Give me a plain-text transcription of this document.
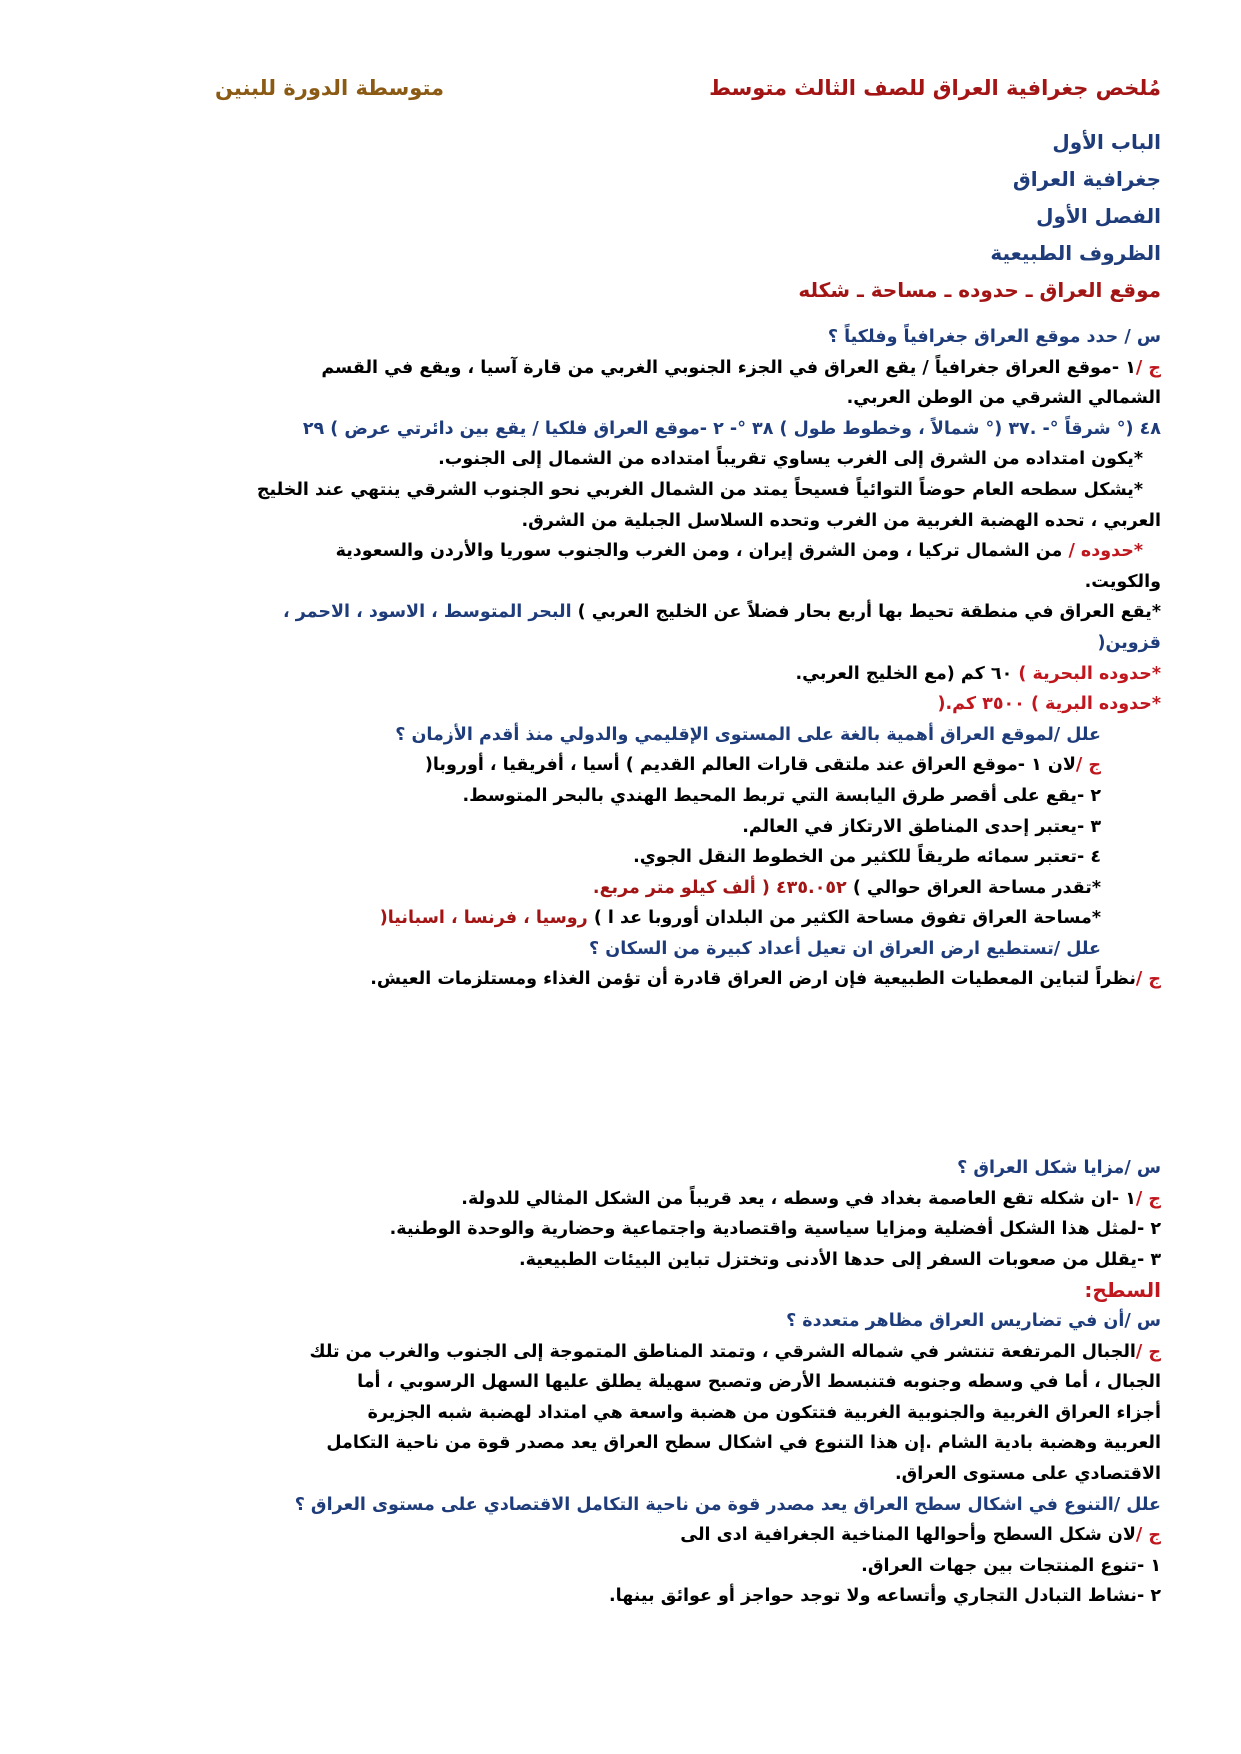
متوسطة الدورة للبنين	مُلخص جغرافية العراق للصف الثالث متوسط
الباب الأول
جغرافية العراق
الفصل الأول
الظروف الطبيعية
موقع العراق ـ حدوده ـ مساحة ـ شكله
س / حدد موقع العراق جغرافياً وفلكياً ؟
ج /١ -موقع العراق جغرافياً / يقع العراق في الجزء الجنوبي الغربي من قارة آسيا ، ويقع في القسم
الشمالي الشرقي من الوطن العربي.
٤٨ (° شرقاً °- .٣٧ (° شمالاً ، وخطوط طول ) ٣٨ °- ٢ -موقع العراق فلكيا / يقع بين دائرتي عرض ) ٢٩
*يكون امتداده من الشرق إلى الغرب يساوي تقريباً امتداده من الشمال إلى الجنوب.
*يشكل سطحه العام حوضاً التوائياً فسيحاً يمتد من الشمال الغربي نحو الجنوب الشرقي ينتهي عند الخليج
العربي ، تحده الهضبة الغربية من الغرب وتحده السلاسل الجبلية من الشرق.
*حدوده / من الشمال تركيا ، ومن الشرق إيران ، ومن الغرب والجنوب سوريا والأردن والسعودية
والكويت.
*يقع العراق في منطقة تحيط بها أربع بحار فضلاً عن الخليج العربي ) البحر المتوسط ، الاسود ، الاحمر ،
قزوين(
*حدوده البحرية ) ٦٠ كم (مع الخليج العربي.
*حدوده البرية ) ٣٥٠٠ كم.(
علل /لموقع العراق أهمية بالغة على المستوى الإقليمي والدولي منذ أقدم الأزمان ؟
ج /لان ١ -موقع العراق عند ملتقى قارات العالم القديم ) أسيا ، أفريقيا ، أوروبا(
٢ -يقع على أقصر طرق اليابسة التي تربط المحيط الهندي بالبحر المتوسط.
٣ -يعتبر إحدى المناطق الارتكاز في العالم.
٤ -تعتبر سمائه طريقاً للكثير من الخطوط النقل الجوي.
*تقدر مساحة العراق حوالي ) ٤٣٥.٠٥٢ ( ألف كيلو متر مربع.
*مساحة العراق تفوق مساحة الكثير من البلدان أوروبا عد ا ) روسيا ، فرنسا ، اسبانيا(
علل /تستطيع ارض العراق ان تعيل أعداد كبيرة من السكان ؟
ج /نظراً لتباين المعطيات الطبيعية فإن ارض العراق قادرة أن تؤمن الغذاء ومستلزمات العيش.
س /مزايا شكل العراق ؟
ج /١ -ان شكله تقع العاصمة بغداد في وسطه ، يعد قريباً من الشكل المثالي للدولة.
٢ -لمثل هذا الشكل أفضلية ومزايا سياسية واقتصادية واجتماعية وحضارية والوحدة الوطنية.
٣ -يقلل من صعوبات السفر إلى حدها الأدنى وتختزل تباين البيئات الطبيعية.
السطح:
س /أن في تضاريس العراق مظاهر متعددة ؟
ج /الجبال المرتفعة تنتشر في شماله الشرقي ، وتمتد المناطق المتموجة إلى الجنوب والغرب من تلك
الجبال ، أما في وسطه وجنوبه فتنبسط الأرض وتصبح سهيلة يطلق عليها السهل الرسوبي ، أما
أجزاء العراق الغربية والجنوبية الغربية فتتكون من هضبة واسعة هي امتداد لهضبة شبه الجزيرة
العربية وهضبة بادية الشام .إن هذا التنوع في اشكال سطح العراق يعد مصدر قوة من ناحية التكامل
الاقتصادي على مستوى العراق.
علل /التنوع في اشكال سطح العراق يعد مصدر قوة من ناحية التكامل الاقتصادي على مستوى العراق ؟
ج /لان شكل السطح وأحوالها المناخية الجغرافية ادى الى
١ -تنوع المنتجات بين جهات العراق.
٢ -نشاط التبادل التجاري وأتساعه ولا توجد حواجز أو عوائق بينها.
